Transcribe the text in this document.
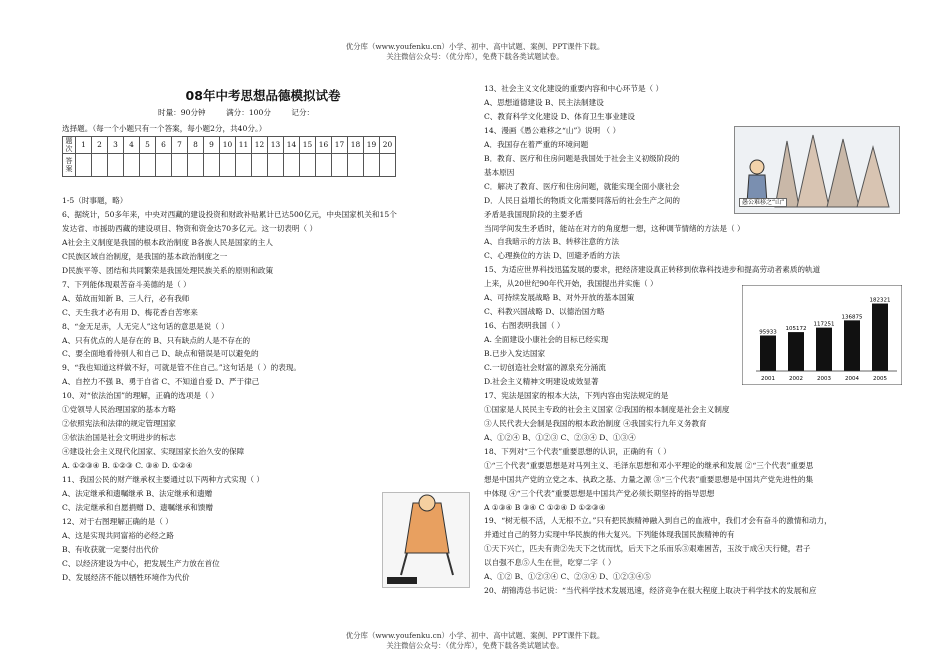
优分库（www.youfenku.cn）小学、初中、高中试题、案例、PPT课件下载。
关注微信公众号：（优分库），免费下载各类试题试卷。
08年中考思想品德模拟试卷
时量：90分钟	满分：100分	记分：
选择题。（每一个小题只有一个答案，每小题2分，共40分。）
题次	1	2	3	4	5	6	7	8	9	10	11	12	13	14	15	16	17	18	19	20
答案																				
1-5（时事题，略）
6、据统计，50多年来，中央对西藏的建设投资和财政补贴累计已达500亿元，中央国家机关和15个
发达省、市援助西藏的建设项目、物资和资金达70多亿元。这一切表明（ ）
A社会主义制度是我国的根本政治制度 B各族人民是国家的主人
C民族区域自治制度，是我国的基本政治制度之一
D民族平等、团结和共同繁荣是我国处理民族关系的原则和政策
7、下列能体现艰苦奋斗美德的是（ ）
A、茹故而知新 B、三人行，必有我师
C、天生我才必有用 D、梅花香自苦寒来
8、“金无足赤，人无完人”这句话的意思是说（ ）
A、只有优点的人是存在的 B、只有缺点的人是不存在的
C、要全面地看待别人和自己 D、缺点和错误是可以避免的
9、“我也知道这样做不好，可就是管不住自己。”这句话是（ ）的表现。
A、自控力不强 B、勇于自省 C、不知道自爱 D、严于律己
10、对“依法治国”的理解，正确的选项是（ ）
①党领导人民治理国家的基本方略
②依照宪法和法律的规定管理国家
③依法治国是社会文明进步的标志
④建设社会主义现代化国家、实现国家长治久安的保障
A. ①②③④ B. ①②③ C. ③④ D. ①②④
11、我国公民的财产继承权主要通过以下两种方式实现（ ）
A、法定继承和遗嘱继承 B、法定继承和遗赠
C、法定继承和自愿捐赠 D、遗嘱继承和馈赠
12、对于右图理解正确的是（ ）
A、这是实现共同富裕的必经之路
B、有收获就一定要付出代价
C、以经济建设为中心，把发展生产力放在首位
D、发展经济不能以牺牲环境作为代价
13、社会主义文化建设的重要内容和中心环节是（ ）
A、思想道德建设 B、民主法制建设
C、教育科学文化建设 D、体育卫生事业建设
14、漫画《愚公难移之“山”》说明 （ ）
A．我国存在着严重的环境问题
B．教育、医疗和住房问题是我国处于社会主义初级阶段的
基本原因
C．解决了教育、医疗和住房问题，就能实现全面小康社会
D．人民日益增长的物质文化需要同落后的社会生产之间的
矛盾是我国现阶段的主要矛盾
当同学间发生矛盾时，能站在对方的角度想一想，这种调节情绪的方法是（ ）
A、自我暗示的方法 B、转移注意的方法
C、心理换位的方法 D、回避矛盾的方法
15、为适应世界科技迅猛发展的要求，把经济建设真正转移到依靠科技进步和提高劳动者素质的轨道
上来，从20世纪90年代开始，我国提出并实施（ ）
A、可持续发展战略 B、对外开放的基本国策
C、科教兴国战略 D、以德治国方略
16、右图表明我国（ ）
A. 全面建设小康社会的目标已经实现
B.已步入发达国家
C.一切创造社会财富的源泉充分涌流
D.社会主义精神文明建设成效显著
17、宪法是国家的根本大法，下列内容由宪法规定的是
①国家是人民民主专政的社会主义国家 ②我国的根本制度是社会主义制度
③人民代表大会制是我国的根本政治制度 ④我国实行九年义务教育
A、①②④ B、①②③ C、②③④ D、①③④
18、下列对“三个代表”重要思想的认识，正确的有（ ）
①“三个代表”重要思想是对马列主义、毛泽东思想和邓小平理论的继承和发展 ②“三个代表”重要思
想是中国共产党的立党之本、执政之基、力量之源 ③“三个代表”重要思想是中国共产党先进性的集
中体现 ④“三个代表”重要思想是中国共产党必须长期坚持的指导思想
A ①③④ B ③④ C ①②④ D ①②③④
19、“树无根不活，人无根不立。”只有把民族精神融入到自己的血液中，我们才会有奋斗的激情和动力，
并通过自己的努力实现中华民族的伟大复兴。下列能体现我国民族精神的有
①天下兴亡，匹夫有责②先天下之忧而忧，后天下之乐而乐③艰难困苦，玉汝于成④天行健，君子
以自强不息⑤人生在世，吃穿二字（ ）
A、①② B、①②③④ C、②③④ D、①②③④⑤
20、胡锦涛总书记说：“当代科学技术发展迅速，经济竞争在很大程度上取决于科学技术的发展和应
愚公难移之“山”
95933
2001
105172
2002
117251
2003
136875
2004
182321
2005
优分库（www.youfenku.cn）小学、初中、高中试题、案例、PPT课件下载。
关注微信公众号：（优分库），免费下载各类试题试卷。
